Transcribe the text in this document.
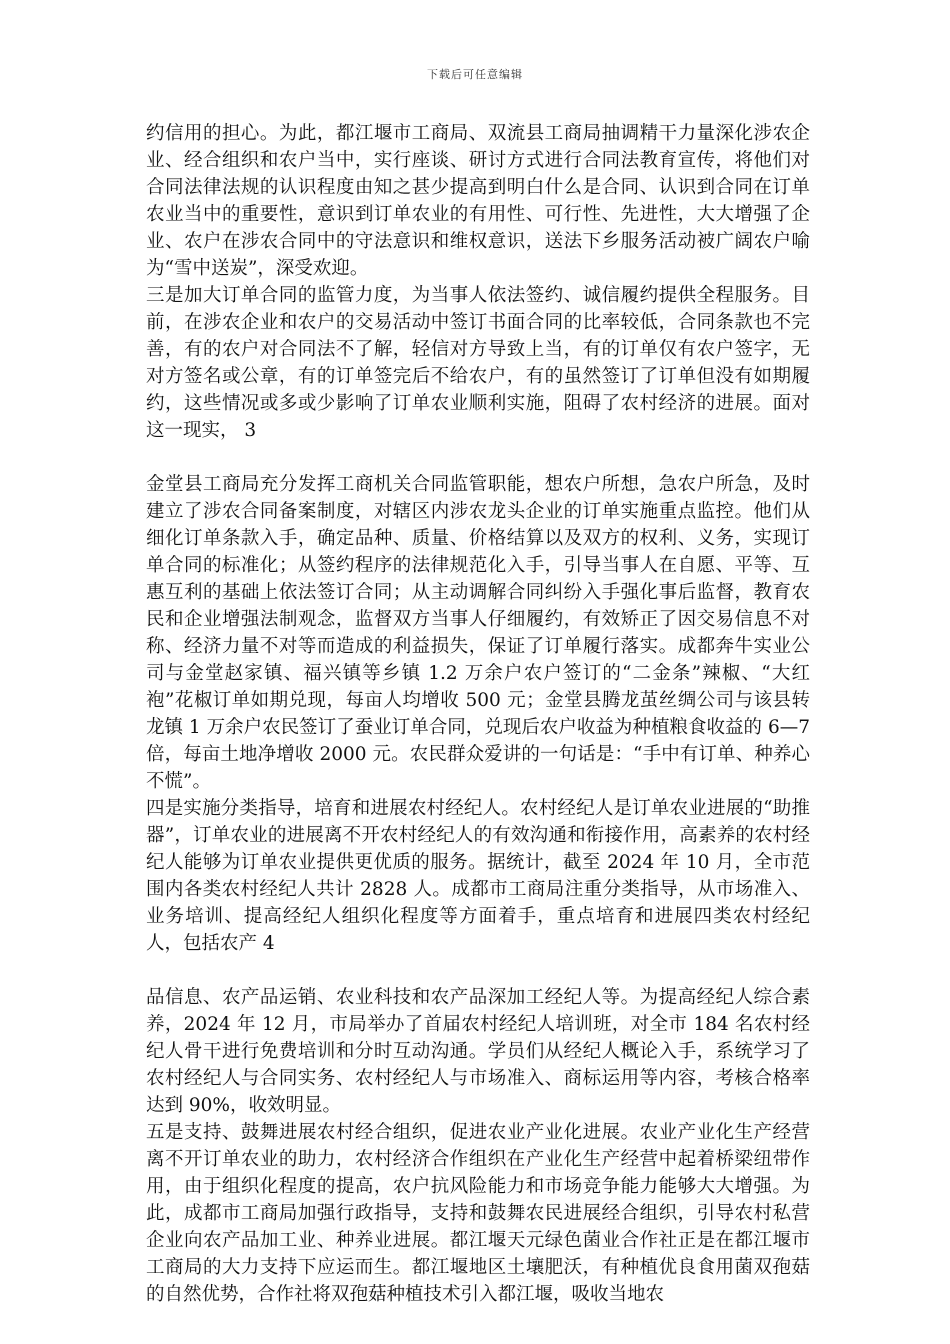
下载后可任意编辑

约信用的担心。为此，都江堰市工商局、双流县工商局抽调精干力量深化涉农企业、经合组织和农户当中，实行座谈、研讨方式进行合同法教育宣传，将他们对合同法律法规的认识程度由知之甚少提高到明白什么是合同、认识到合同在订单农业当中的重要性，意识到订单农业的有用性、可行性、先进性，大大增强了企业、农户在涉农合同中的守法意识和维权意识，送法下乡服务活动被广阔农户喻为“雪中送炭”，深受欢迎。

三是加大订单合同的监管力度，为当事人依法签约、诚信履约提供全程服务。目前，在涉农企业和农户的交易活动中签订书面合同的比率较低，合同条款也不完善，有的农户对合同法不了解，轻信对方导致上当，有的订单仅有农户签字，无对方签名或公章，有的订单签完后不给农户，有的虽然签订了订单但没有如期履约，这些情况或多或少影响了订单农业顺利实施，阻碍了农村经济的进展。面对这一现实， 3

金堂县工商局充分发挥工商机关合同监管职能，想农户所想，急农户所急，及时建立了涉农合同备案制度，对辖区内涉农龙头企业的订单实施重点监控。他们从细化订单条款入手，确定品种、质量、价格结算以及双方的权利、义务，实现订单合同的标准化；从签约程序的法律规范化入手，引导当事人在自愿、平等、互惠互利的基础上依法签订合同；从主动调解合同纠纷入手强化事后监督，教育农民和企业增强法制观念，监督双方当事人仔细履约，有效矫正了因交易信息不对称、经济力量不对等而造成的利益损失，保证了订单履行落实。成都奔牛实业公司与金堂赵家镇、福兴镇等乡镇 1.2 万余户农户签订的“二金条”辣椒、“大红袍”花椒订单如期兑现，每亩人均增收 500 元；金堂县腾龙茧丝绸公司与该县转龙镇 1 万余户农民签订了蚕业订单合同，兑现后农户收益为种植粮食收益的 6—7 倍，每亩土地净增收 2000 元。农民群众爱讲的一句话是：“手中有订单、种养心不慌”。

四是实施分类指导，培育和进展农村经纪人。农村经纪人是订单农业进展的“助推器”，订单农业的进展离不开农村经纪人的有效沟通和衔接作用，高素养的农村经纪人能够为订单农业提供更优质的服务。据统计，截至 2024 年 10 月，全市范围内各类农村经纪人共计 2828 人。成都市工商局注重分类指导，从市场准入、业务培训、提高经纪人组织化程度等方面着手，重点培育和进展四类农村经纪人，包括农产 4

品信息、农产品运销、农业科技和农产品深加工经纪人等。为提高经纪人综合素养，2024 年 12 月，市局举办了首届农村经纪人培训班，对全市 184 名农村经纪人骨干进行免费培训和分时互动沟通。学员们从经纪人概论入手，系统学习了农村经纪人与合同实务、农村经纪人与市场准入、商标运用等内容，考核合格率达到 90%，收效明显。

五是支持、鼓舞进展农村经合组织，促进农业产业化进展。农业产业化生产经营离不开订单农业的助力，农村经济合作组织在产业化生产经营中起着桥梁纽带作用，由于组织化程度的提高，农户抗风险能力和市场竞争能力能够大大增强。为此，成都市工商局加强行政指导，支持和鼓舞农民进展经合组织，引导农村私营企业向农产品加工业、种养业进展。都江堰天元绿色菌业合作社正是在都江堰市工商局的大力支持下应运而生。都江堰地区土壤肥沃，有种植优良食用菌双孢菇的自然优势，合作社将双孢菇种植技术引入都江堰，吸收当地农
